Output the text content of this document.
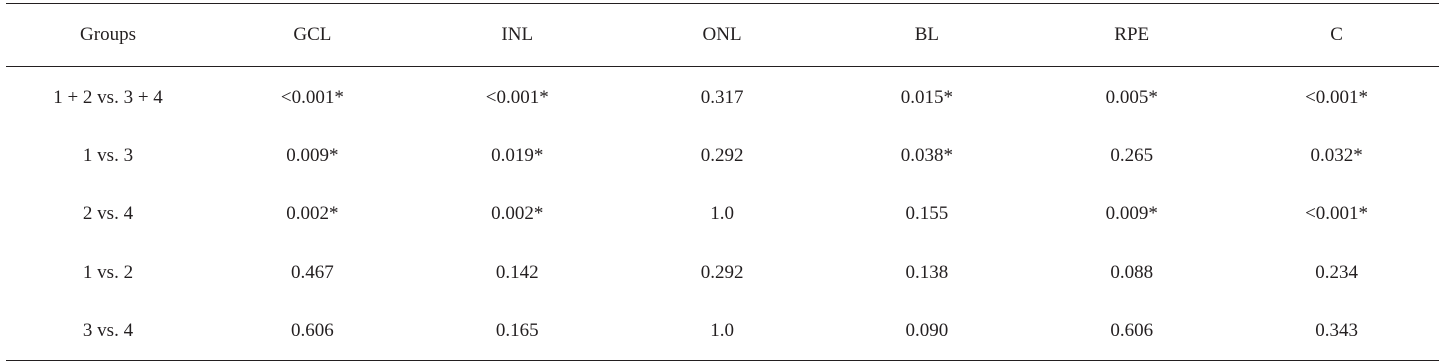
Groups	GCL	INL	ONL	BL	RPE	C
1 + 2 vs. 3 + 4	<0.001*	<0.001*	0.317	0.015*	0.005*	<0.001*
1 vs. 3	0.009*	0.019*	0.292	0.038*	0.265	0.032*
2 vs. 4	0.002*	0.002*	1.0	0.155	0.009*	<0.001*
1 vs. 2	0.467	0.142	0.292	0.138	0.088	0.234
3 vs. 4	0.606	0.165	1.0	0.090	0.606	0.343
